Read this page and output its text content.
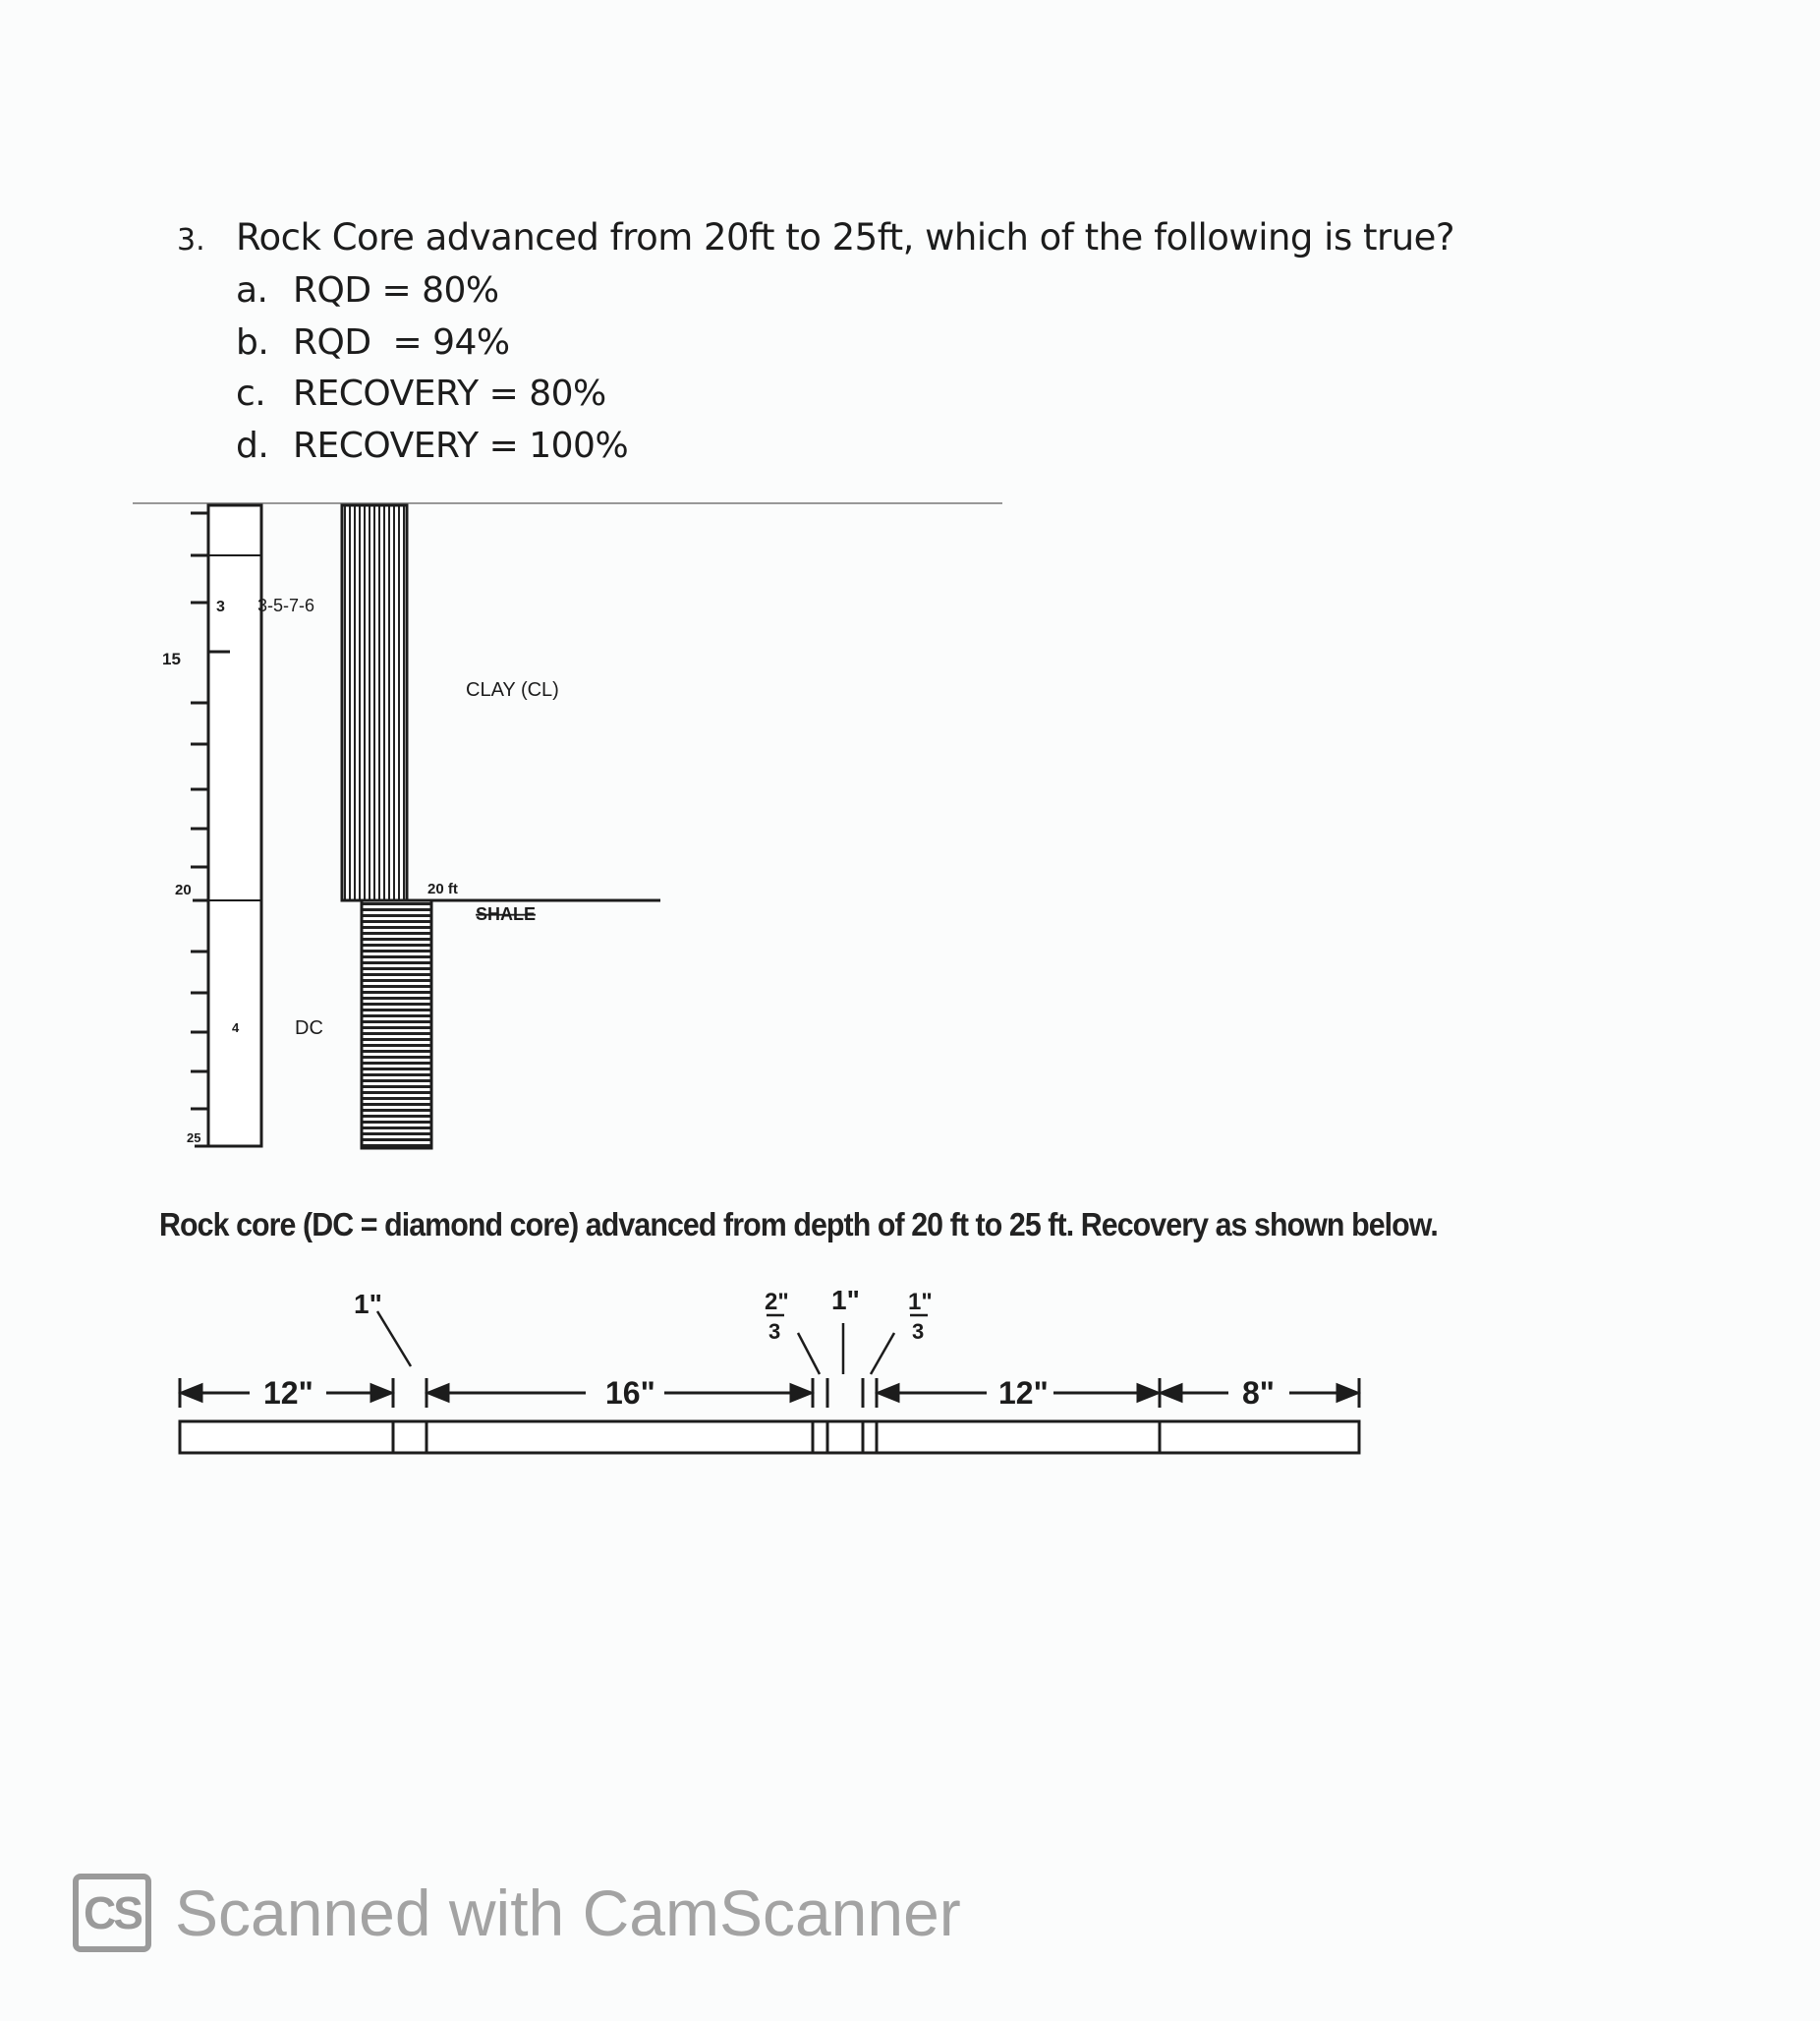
3. Rock Core advanced from 20ft to 25ft, which of the following is true?
a. RQD = 80%
b. RQD  = 94%
c. RECOVERY = 80%
d. RECOVERY = 100%
15
20
25
3 3-5-7-6
4	DC
CLAY (CL)
20 ft
SHALE
Rock core (DC = diamond core) advanced from depth of 20 ft to 25 ft. Recovery as shown below.
12"
1"
16"
2"
3
1" 1"
3
12"	8"
CS Scanned with CamScanner
